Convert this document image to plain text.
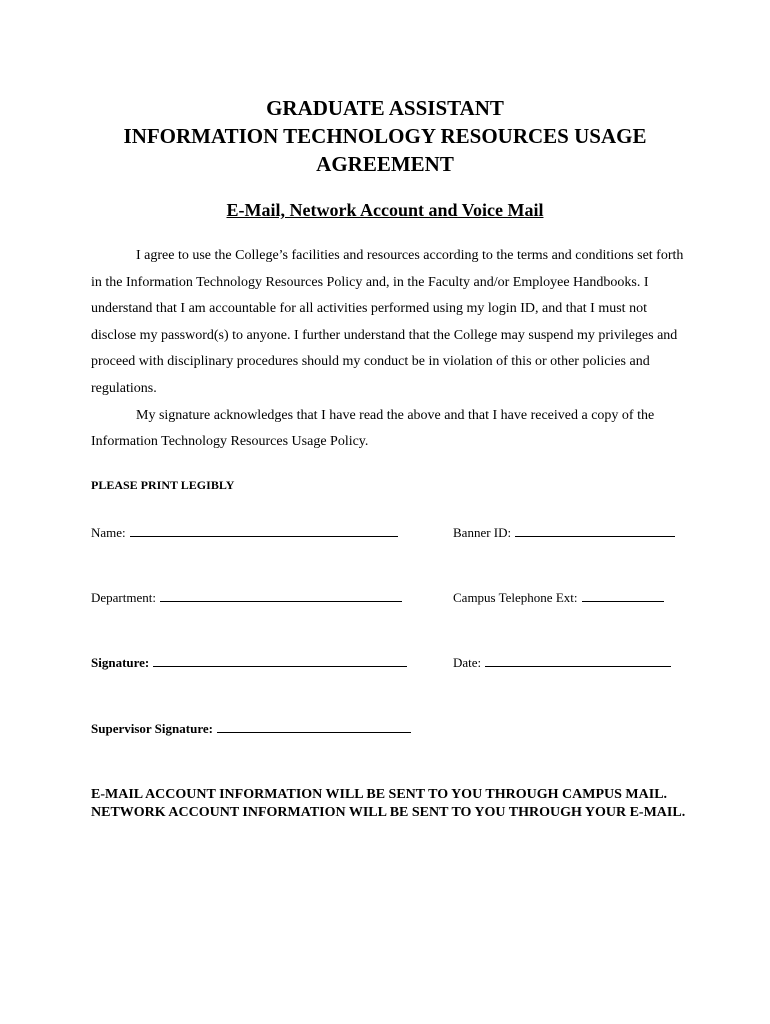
GRADUATE ASSISTANT
INFORMATION TECHNOLOGY RESOURCES USAGE
AGREEMENT
E-Mail, Network Account and Voice Mail

I agree to use the College’s facilities and resources according to the terms and conditions set forth in the Information Technology Resources Policy and, in the Faculty and/or Employee Handbooks. I understand that I am accountable for all activities performed using my login ID, and that I must not disclose my password(s) to anyone. I further understand that the College may suspend my privileges and proceed with disciplinary procedures should my conduct be in violation of this or other policies and regulations.

My signature acknowledges that I have read the above and that I have received a copy of the Information Technology Resources Usage Policy.

PLEASE PRINT LEGIBLY
Name:	Banner ID:
Department:	Campus Telephone Ext:
Signature:	Date:
Supervisor Signature:
E-MAIL ACCOUNT INFORMATION WILL BE SENT TO YOU THROUGH CAMPUS MAIL. NETWORK ACCOUNT INFORMATION WILL BE SENT TO YOU THROUGH YOUR E-MAIL.
